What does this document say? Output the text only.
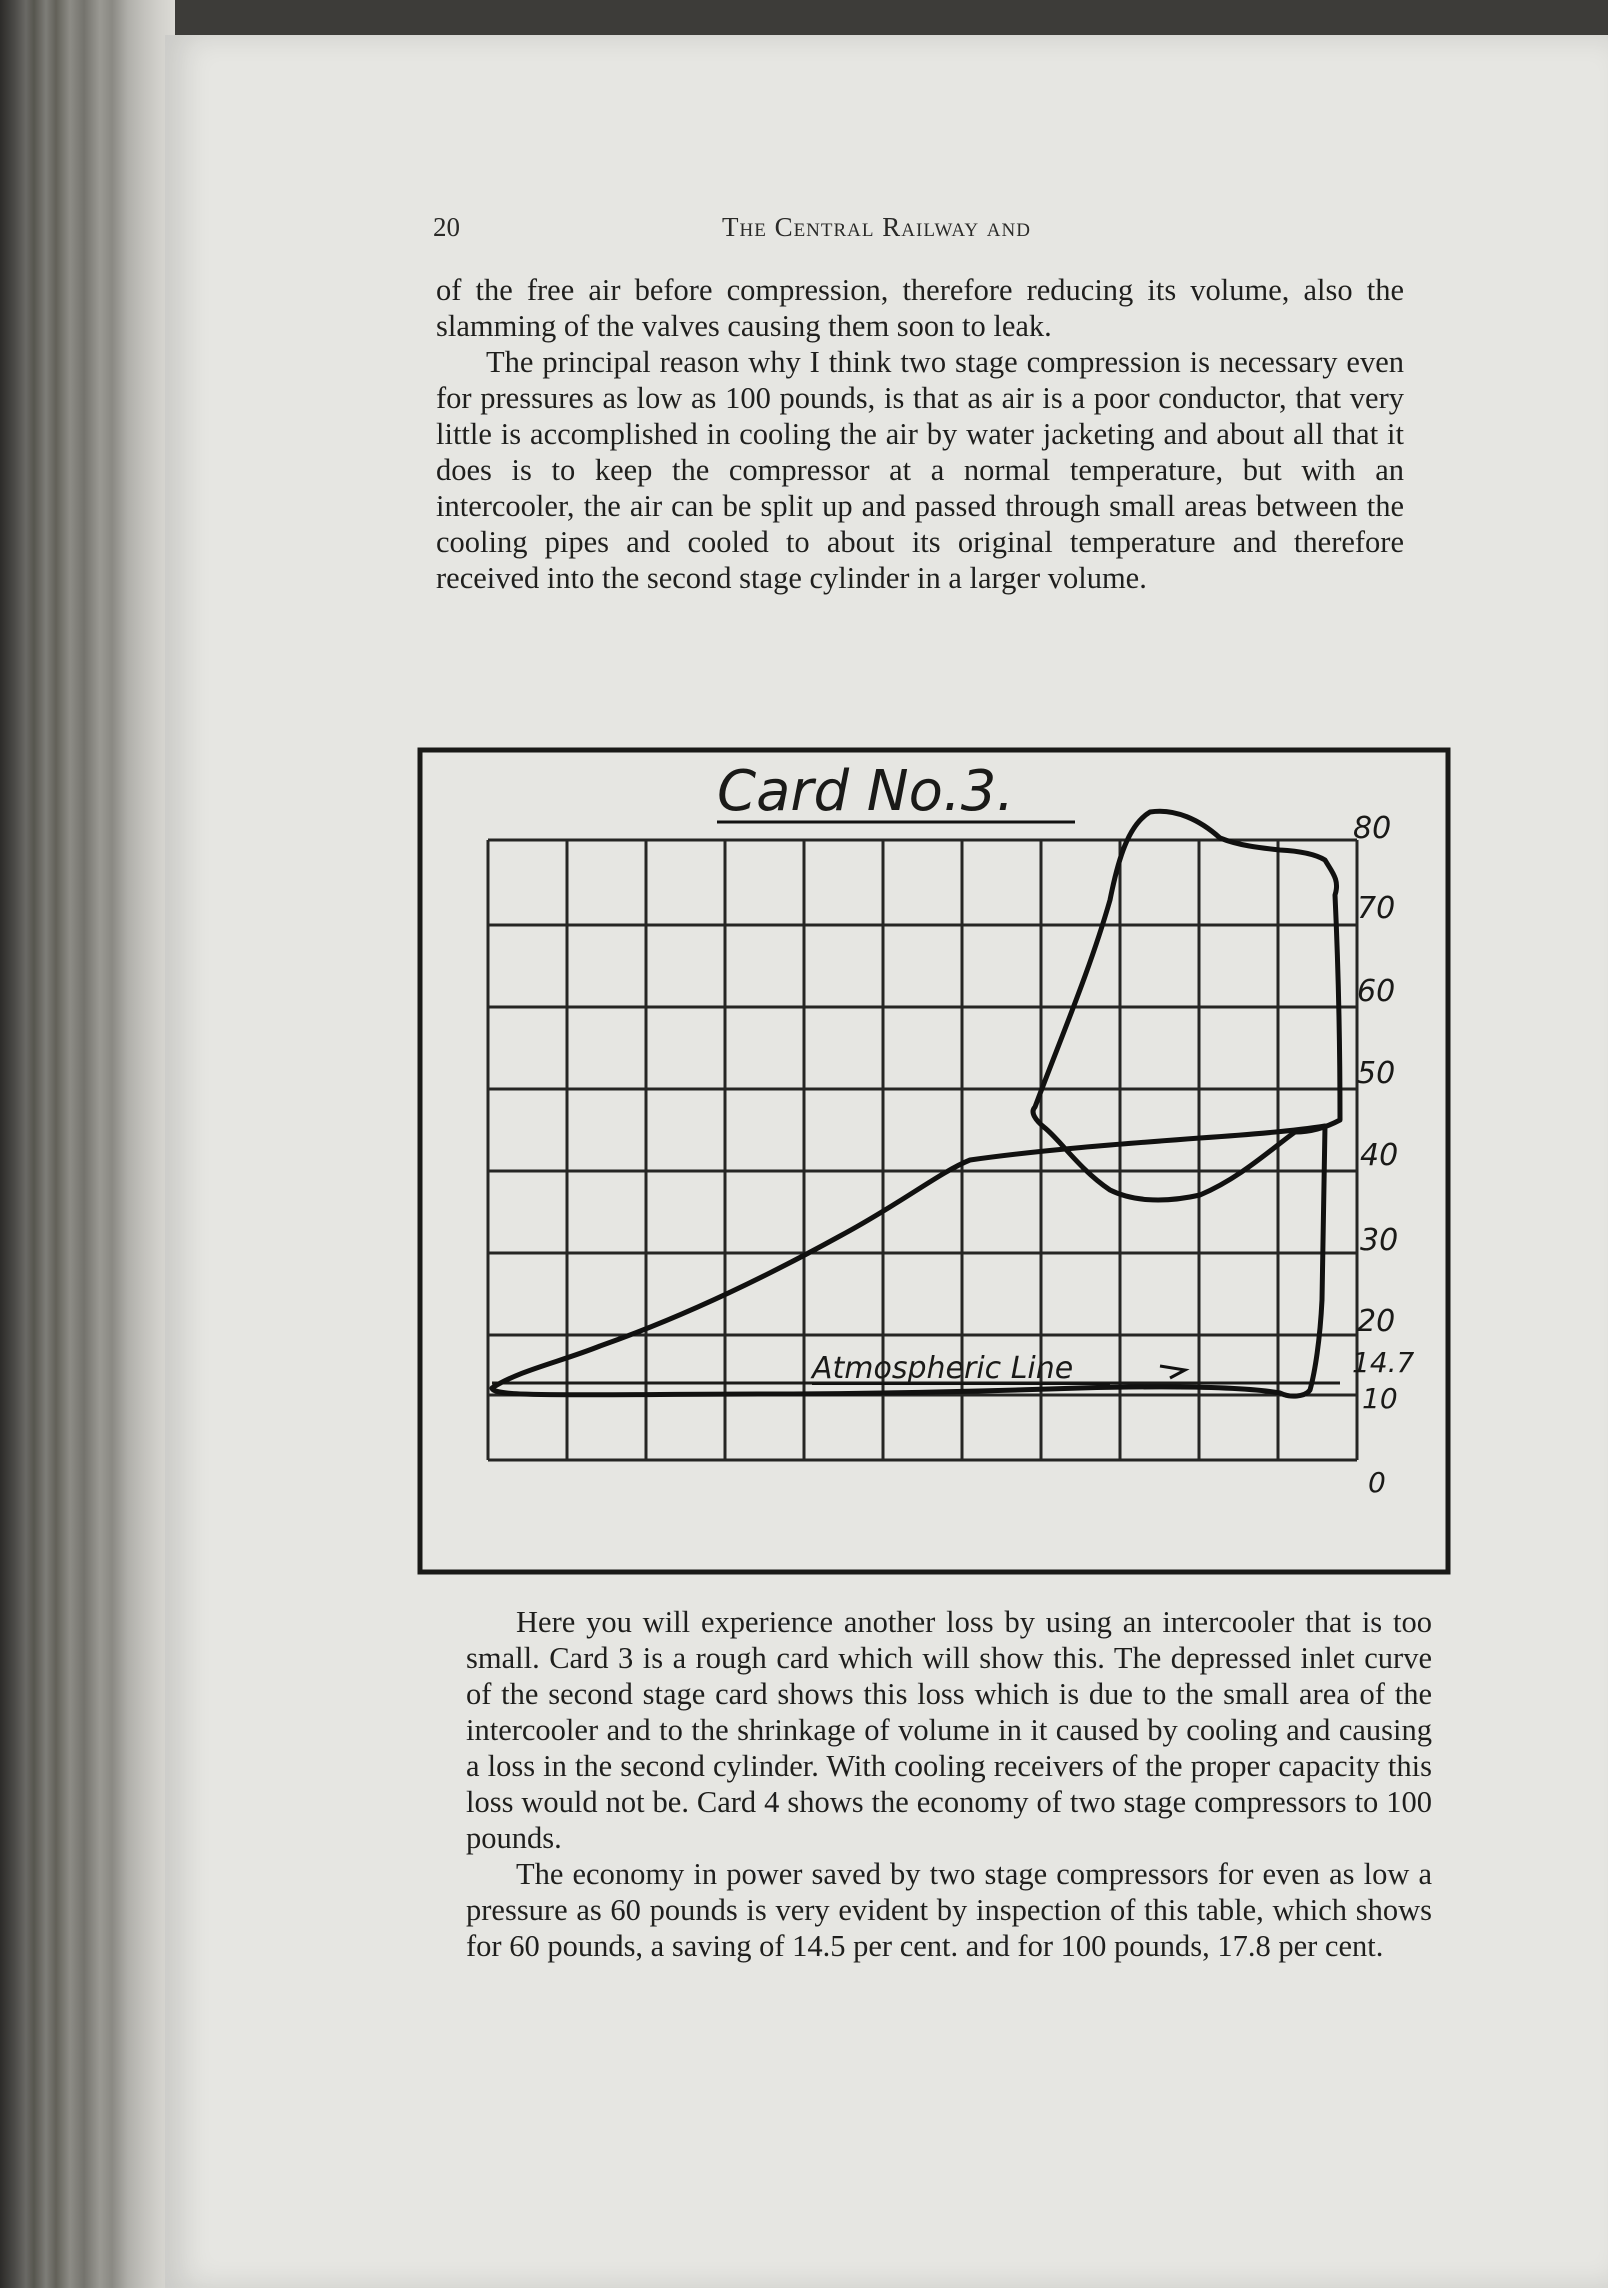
20	The Central Railway and

of the free air before compression, therefore reducing its volume, also the slamming of the valves causing them soon to leak.

The principal reason why I think two stage compression is necessary even for pressures as low as 100 pounds, is that as air is a poor conductor, that very little is accomplished in cooling the air by water jacketing and about all that it does is to keep the compressor at a normal temperature, but with an intercooler, the air can be split up and passed through small areas between the cooling pipes and cooled to about its original temperature and therefore received into the second stage cylinder in a larger volume.

Card No.3.
Atmospheric Line
80
70
60
50
40
30
20
14.7
10
0

Here you will experience another loss by using an intercooler that is too small. Card 3 is a rough card which will show this. The depressed inlet curve of the second stage card shows this loss which is due to the small area of the intercooler and to the shrinkage of volume in it caused by cooling and causing a loss in the second cylinder. With cooling receivers of the proper capacity this loss would not be. Card 4 shows the economy of two stage compressors to 100 pounds.

The economy in power saved by two stage compressors for even as low a pressure as 60 pounds is very evident by inspection of this table, which shows for 60 pounds, a saving of 14.5 per cent. and for 100 pounds, 17.8 per cent.
